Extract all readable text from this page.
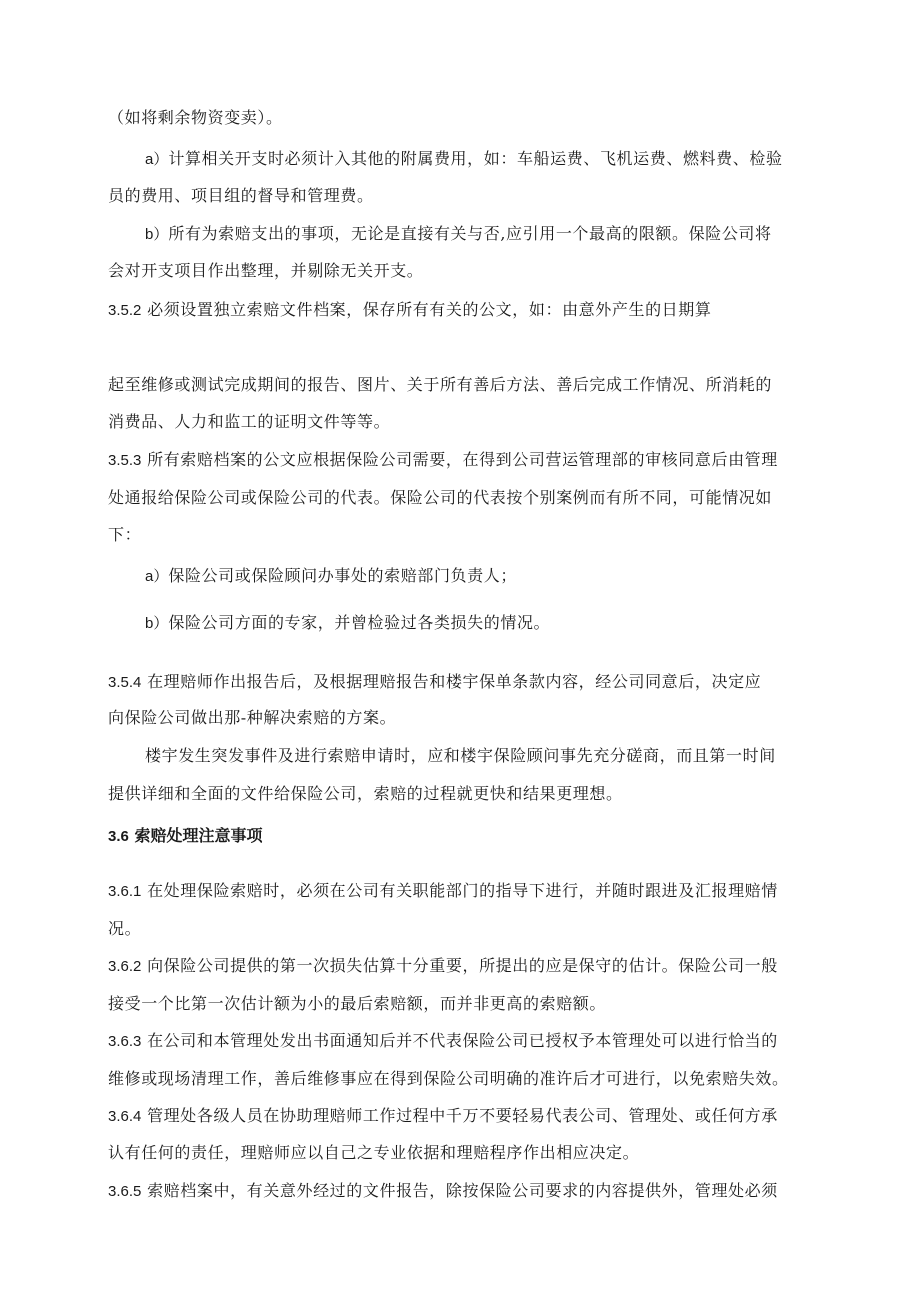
（如将剩余物资变卖）。
a）计算相关开支时必须计入其他的附属费用，如：车船运费、飞机运费、燃料费、检验
员的费用、项目组的督导和管理费。
b）所有为索赔支出的事项，无论是直接有关与否,应引用一个最高的限额。保险公司将
会对开支项目作出整理，并剔除无关开支。
3.5.2 必须设置独立索赔文件档案，保存所有有关的公文，如：由意外产生的日期算
起至维修或测试完成期间的报告、图片、关于所有善后方法、善后完成工作情况、所消耗的
消费品、人力和监工的证明文件等等。
3.5.3 所有索赔档案的公文应根据保险公司需要，在得到公司营运管理部的审核同意后由管理
处通报给保险公司或保险公司的代表。保险公司的代表按个别案例而有所不同，可能情况如
下：
a）保险公司或保险顾问办事处的索赔部门负责人；
b）保险公司方面的专家，并曾检验过各类损失的情况。
3.5.4 在理赔师作出报告后，及根据理赔报告和楼宇保单条款内容，经公司同意后，决定应
向保险公司做出那-种解决索赔的方案。
楼宇发生突发事件及进行索赔申请时，应和楼宇保险顾问事先充分磋商，而且第一时间
提供详细和全面的文件给保险公司，索赔的过程就更快和结果更理想。
3.6 索赔处理注意事项
3.6.1 在处理保险索赔时，必须在公司有关职能部门的指导下进行，并随时跟进及汇报理赔情
况。
3.6.2 向保险公司提供的第一次损失估算十分重要，所提出的应是保守的估计。保险公司一般
接受一个比第一次估计额为小的最后索赔额，而并非更高的索赔额。
3.6.3 在公司和本管理处发出书面通知后并不代表保险公司已授权予本管理处可以进行恰当的
维修或现场清理工作，善后维修事应在得到保险公司明确的准许后才可进行，以免索赔失效。
3.6.4 管理处各级人员在协助理赔师工作过程中千万不要轻易代表公司、管理处、或任何方承
认有任何的责任，理赔师应以自己之专业依据和理赔程序作出相应决定。
3.6.5 索赔档案中，有关意外经过的文件报告，除按保险公司要求的内容提供外，管理处必须
